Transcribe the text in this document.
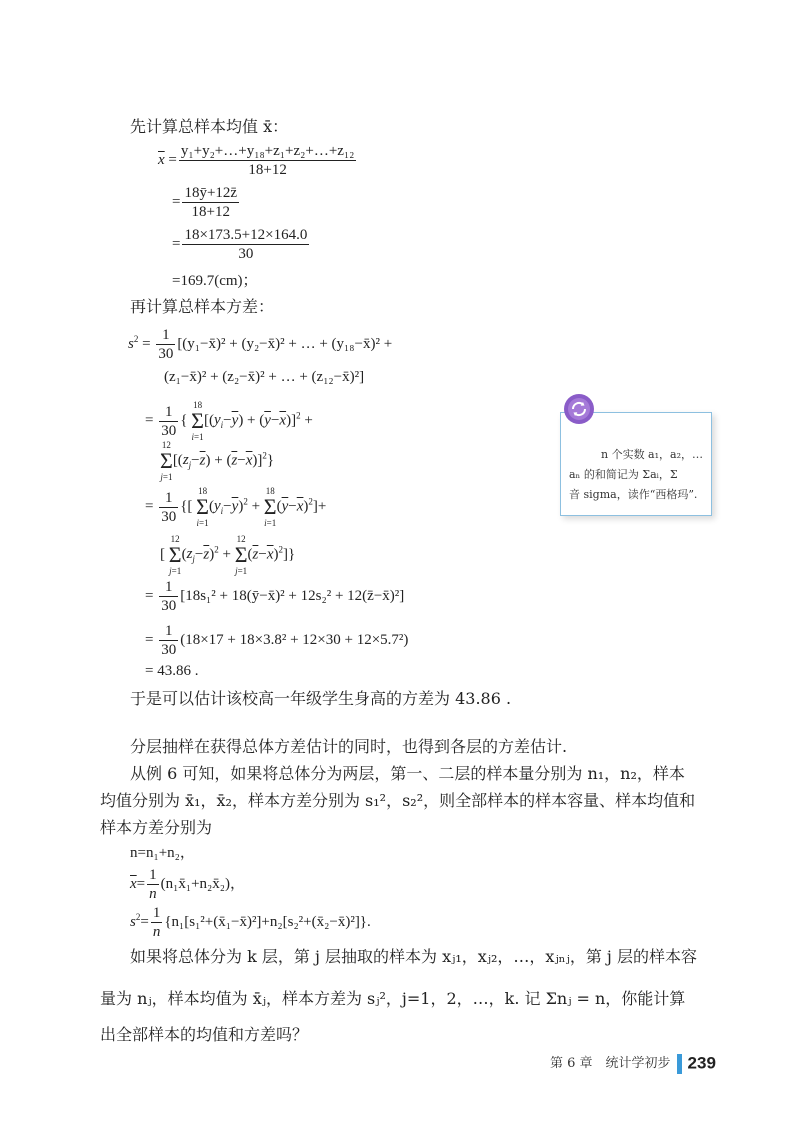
先计算总样本均值 x̄：
$\overline{x} = \frac{\text{y₁+y₂+…+y₁₈+z₁+z₂+…+z₁₂}}{18+12}$
= $\frac{18ȳ+12z̄}{18+12}$
= $\frac{18\times 173.5+12\times 164.0}{30}$
=169.7(cm)；
再计算总样本方差：
$s^2 = \frac{1}{30}$ [(y₁−x̄)² + (y₂−x̄)² + … + (y₁₈−x̄)² +
(z₁−x̄)² + (z₂−x̄)² + … + (z₁₂−x̄)²]
= $\frac{1}{30}$ { 18
Σ
$i=1[(y_i-\overline{y}) + (\overline{y}-\overline{x})]^2$ +
12
Σ
$j=1[(z_j-\overline{z}) + (\overline{z}-\overline{x})]^2$}
= $\frac{1}{30}$ {[ 18
Σ
$i=1(y_i-\overline{y})^2 + 18$
Σ
$i=1(\overline{y}-\overline{x})^2]+$
[ 12
Σ
$j=1(z_j-\overline{z})^2 + 12$
Σ
$j=1(\overline{z}-\overline{x})^2$]}
= $\frac{1}{30} [18s_1^2$ + 18(ȳ−x̄)² + 12s₂² + 12(z̄−x̄)²]
= $\frac{1}{30} (18\times 17 + 18\times 3.8^2 + 12\times 30 + 12\times 5.7^2)$
= 43.86 .
于是可以估计该校高一年级学生身高的方差为 43.86 .
分层抽样在获得总体方差估计的同时，也得到各层的方差估计.
从例 6 可知，如果将总体分为两层，第一、二层的样本量分别为 n₁，n₂，样本
均值分别为 x̄₁，x̄₂，样本方差分别为 s₁²，s₂²，则全部样本的样本容量、样本均值和
样本方差分别为
n=n₁+n₂，
$\overline{x}= \frac{1}{n}$ (n₁x̄₁+n₂x̄₂)，
$s^2= \frac{1}{n}$ {n₁[s₁²+(x̄₁−x̄)²]+n₂[s₂²+(x̄₂−x̄)²]}.
如果将总体分为 k 层，第 j 层抽取的样本为 xⱼ₁，xⱼ₂，…，xⱼₙⱼ，第 j 层的样本容
量为 nⱼ，样本均值为 x̄ⱼ，样本方差为 sⱼ²，j=1，2，…，k. 记 Σnⱼ = n，你能计算
出全部样本的均值和方差吗？
n 个实数 a₁，a₂，…
aₙ 的和简记为 Σaᵢ，Σ
音 sigma，读作“西格玛”.
第 6 章　统计学初步 239
